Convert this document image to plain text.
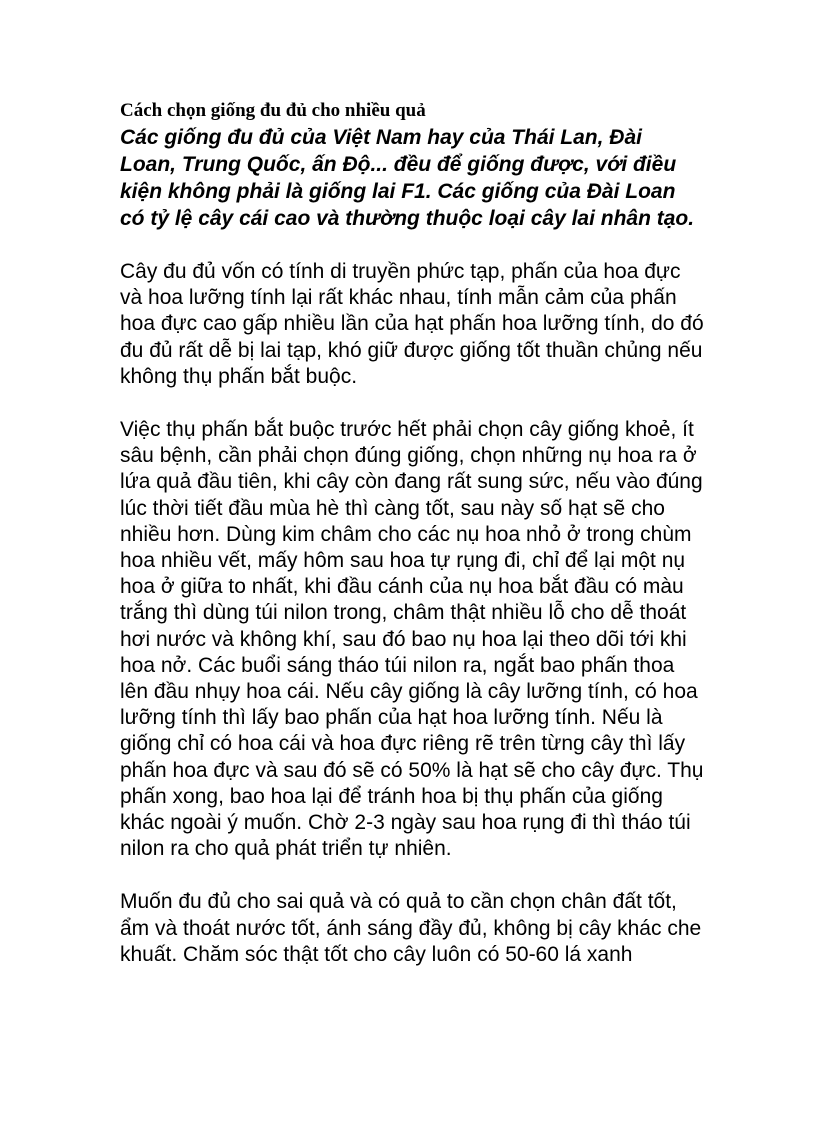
Cách chọn giống đu đủ cho nhiều quả

Các giống đu đủ của Việt Nam hay của Thái Lan, Đài Loan, Trung Quốc, ấn Độ... đều để giống được, với điều kiện không phải là giống lai F1. Các giống của Đài Loan có tỷ lệ cây cái cao và thường thuộc loại cây lai nhân tạo.

Cây đu đủ vốn có tính di truyền phức tạp, phấn của hoa đực và hoa lưỡng tính lại rất khác nhau, tính mẫn cảm của phấn hoa đực cao gấp nhiều lần của hạt phấn hoa lưỡng tính, do đó đu đủ rất dễ bị lai tạp, khó giữ được giống tốt thuần chủng nếu không thụ phấn bắt buộc.

Việc thụ phấn bắt buộc trước hết phải chọn cây giống khoẻ, ít sâu bệnh, cần phải chọn đúng giống, chọn những nụ hoa ra ở lứa quả đầu tiên, khi cây còn đang rất sung sức, nếu vào đúng lúc thời tiết đầu mùa hè thì càng tốt, sau này số hạt sẽ cho nhiều hơn. Dùng kim châm cho các nụ hoa nhỏ ở trong chùm hoa nhiều vết, mấy hôm sau hoa tự rụng đi, chỉ để lại một nụ hoa ở giữa to nhất, khi đầu cánh của nụ hoa bắt đầu có màu trắng thì dùng túi nilon trong, châm thật nhiều lỗ cho dễ thoát hơi nước và không khí, sau đó bao nụ hoa lại theo dõi tới khi hoa nở. Các buổi sáng tháo túi nilon ra, ngắt bao phấn thoa lên đầu nhụy hoa cái. Nếu cây giống là cây lưỡng tính, có hoa lưỡng tính thì lấy bao phấn của hạt hoa lưỡng tính. Nếu là giống chỉ có hoa cái và hoa đực riêng rẽ trên từng cây thì lấy phấn hoa đực và sau đó sẽ có 50% là hạt sẽ cho cây đực. Thụ phấn xong, bao hoa lại để tránh hoa bị thụ phấn của giống khác ngoài ý muốn. Chờ 2-3 ngày sau hoa rụng đi thì tháo túi nilon ra cho quả phát triển tự nhiên.

Muốn đu đủ cho sai quả và có quả to cần chọn chân đất tốt, ẩm và thoát nước tốt, ánh sáng đầy đủ, không bị cây khác che khuất. Chăm sóc thật tốt cho cây luôn có 50-60 lá xanh
